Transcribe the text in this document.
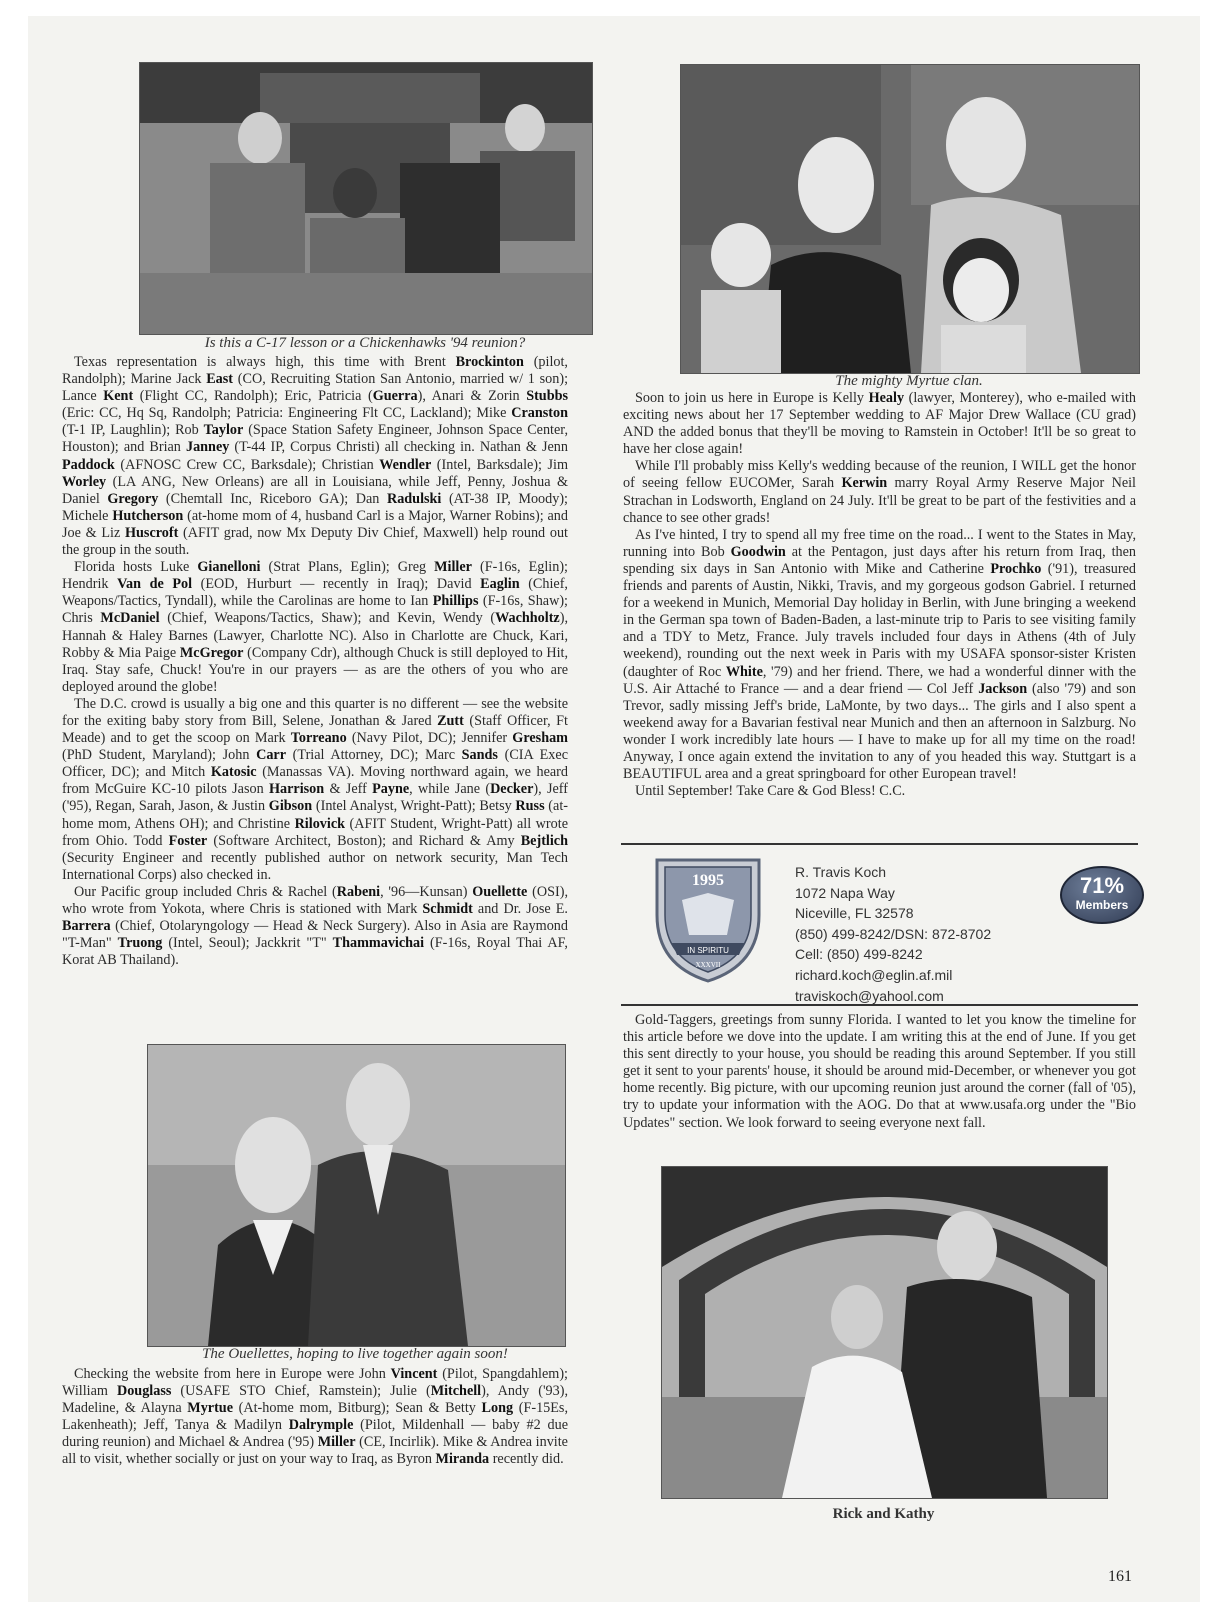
Is this a C-17 lesson or a Chickenhawks '94 reunion?

Texas representation is always high, this time with Brent Brockinton (pilot, Randolph); Marine Jack East (CO, Recruiting Station San Antonio, married w/ 1 son); Lance Kent (Flight CC, Randolph); Eric, Patricia (Guerra), Anari & Zorin Stubbs (Eric: CC, Hq Sq, Randolph; Patricia: Engineering Flt CC, Lackland); Mike Cranston (T-1 IP, Laughlin); Rob Taylor (Space Station Safety Engineer, Johnson Space Center, Houston); and Brian Janney (T-44 IP, Corpus Christi) all checking in. Nathan & Jenn Paddock (AFNOSC Crew CC, Barksdale); Christian Wendler (Intel, Barksdale); Jim Worley (LA ANG, New Orleans) are all in Louisiana, while Jeff, Penny, Joshua & Daniel Gregory (Chemtall Inc, Riceboro GA); Dan Radulski (AT-38 IP, Moody); Michele Hutcherson (at-home mom of 4, husband Carl is a Major, Warner Robins); and Joe & Liz Huscroft (AFIT grad, now Mx Deputy Div Chief, Maxwell) help round out the group in the south.

Florida hosts Luke Gianelloni (Strat Plans, Eglin); Greg Miller (F-16s, Eglin); Hendrik Van de Pol (EOD, Hurburt — recently in Iraq); David Eaglin (Chief, Weapons/Tactics, Tyndall), while the Carolinas are home to Ian Phillips (F-16s, Shaw); Chris McDaniel (Chief, Weapons/Tactics, Shaw); and Kevin, Wendy (Wachholtz), Hannah & Haley Barnes (Lawyer, Charlotte NC). Also in Charlotte are Chuck, Kari, Robby & Mia Paige McGregor (Company Cdr), although Chuck is still deployed to Hit, Iraq. Stay safe, Chuck! You're in our prayers — as are the others of you who are deployed around the globe!

The D.C. crowd is usually a big one and this quarter is no different — see the website for the exiting baby story from Bill, Selene, Jonathan & Jared Zutt (Staff Officer, Ft Meade) and to get the scoop on Mark Torreano (Navy Pilot, DC); Jennifer Gresham (PhD Student, Maryland); John Carr (Trial Attorney, DC); Marc Sands (CIA Exec Officer, DC); and Mitch Katosic (Manassas VA). Moving northward again, we heard from McGuire KC-10 pilots Jason Harrison & Jeff Payne, while Jane (Decker), Jeff ('95), Regan, Sarah, Jason, & Justin Gibson (Intel Analyst, Wright-Patt); Betsy Russ (at-home mom, Athens OH); and Christine Rilovick (AFIT Student, Wright-Patt) all wrote from Ohio. Todd Foster (Software Architect, Boston); and Richard & Amy Bejtlich (Security Engineer and recently published author on network security, Man Tech International Corps) also checked in.

Our Pacific group included Chris & Rachel (Rabeni, '96—Kunsan) Ouellette (OSI), who wrote from Yokota, where Chris is stationed with Mark Schmidt and Dr. Jose E. Barrera (Chief, Otolaryngology — Head & Neck Surgery). Also in Asia are Raymond "T-Man" Truong (Intel, Seoul); Jackkrit "T" Thammavichai (F-16s, Royal Thai AF, Korat AB Thailand).

The Ouellettes, hoping to live together again soon!

Checking the website from here in Europe were John Vincent (Pilot, Spangdahlem); William Douglass (USAFE STO Chief, Ramstein); Julie (Mitchell), Andy ('93), Madeline, & Alayna Myrtue (At-home mom, Bitburg); Sean & Betty Long (F-15Es, Lakenheath); Jeff, Tanya & Madilyn Dalrymple (Pilot, Mildenhall — baby #2 due during reunion) and Michael & Andrea ('95) Miller (CE, Incirlik). Mike & Andrea invite all to visit, whether socially or just on your way to Iraq, as Byron Miranda recently did.

The mighty Myrtue clan.

Soon to join us here in Europe is Kelly Healy (lawyer, Monterey), who e-mailed with exciting news about her 17 September wedding to AF Major Drew Wallace (CU grad) AND the added bonus that they'll be moving to Ramstein in October! It'll be so great to have her close again!

While I'll probably miss Kelly's wedding because of the reunion, I WILL get the honor of seeing fellow EUCOMer, Sarah Kerwin marry Royal Army Reserve Major Neil Strachan in Lodsworth, England on 24 July. It'll be great to be part of the festivities and a chance to see other grads!

As I've hinted, I try to spend all my free time on the road... I went to the States in May, running into Bob Goodwin at the Pentagon, just days after his return from Iraq, then spending six days in San Antonio with Mike and Catherine Prochko ('91), treasured friends and parents of Austin, Nikki, Travis, and my gorgeous godson Gabriel. I returned for a weekend in Munich, Memorial Day holiday in Berlin, with June bringing a weekend in the German spa town of Baden-Baden, a last-minute trip to Paris to see visiting family and a TDY to Metz, France. July travels included four days in Athens (4th of July weekend), rounding out the next week in Paris with my USAFA sponsor-sister Kristen (daughter of Roc White, '79) and her friend. There, we had a wonderful dinner with the U.S. Air Attaché to France — and a dear friend — Col Jeff Jackson (also '79) and son Trevor, sadly missing Jeff's bride, LaMonte, by two days... The girls and I also spent a weekend away for a Bavarian festival near Munich and then an afternoon in Salzburg. No wonder I work incredibly late hours — I have to make up for all my time on the road! Anyway, I once again extend the invitation to any of you headed this way. Stuttgart is a BEAUTIFUL area and a great springboard for other European travel!

Until September! Take Care & God Bless! C.C.

1995
IN SPIRITU
XXXVII
R. Travis Koch
1072 Napa Way
Niceville, FL 32578
(850) 499-8242/DSN: 872-8702
Cell: (850) 499-8242
richard.koch@eglin.af.mil
traviskoch@yahool.com
71%
Members

Gold-Taggers, greetings from sunny Florida. I wanted to let you know the timeline for this article before we dove into the update. I am writing this at the end of June. If you get this sent directly to your house, you should be reading this around September. If you still get it sent to your parents' house, it should be around mid-December, or whenever you got home recently. Big picture, with our upcoming reunion just around the corner (fall of '05), try to update your information with the AOG. Do that at www.usafa.org under the "Bio Updates" section. We look forward to seeing everyone next fall.

Rick and Kathy
161
